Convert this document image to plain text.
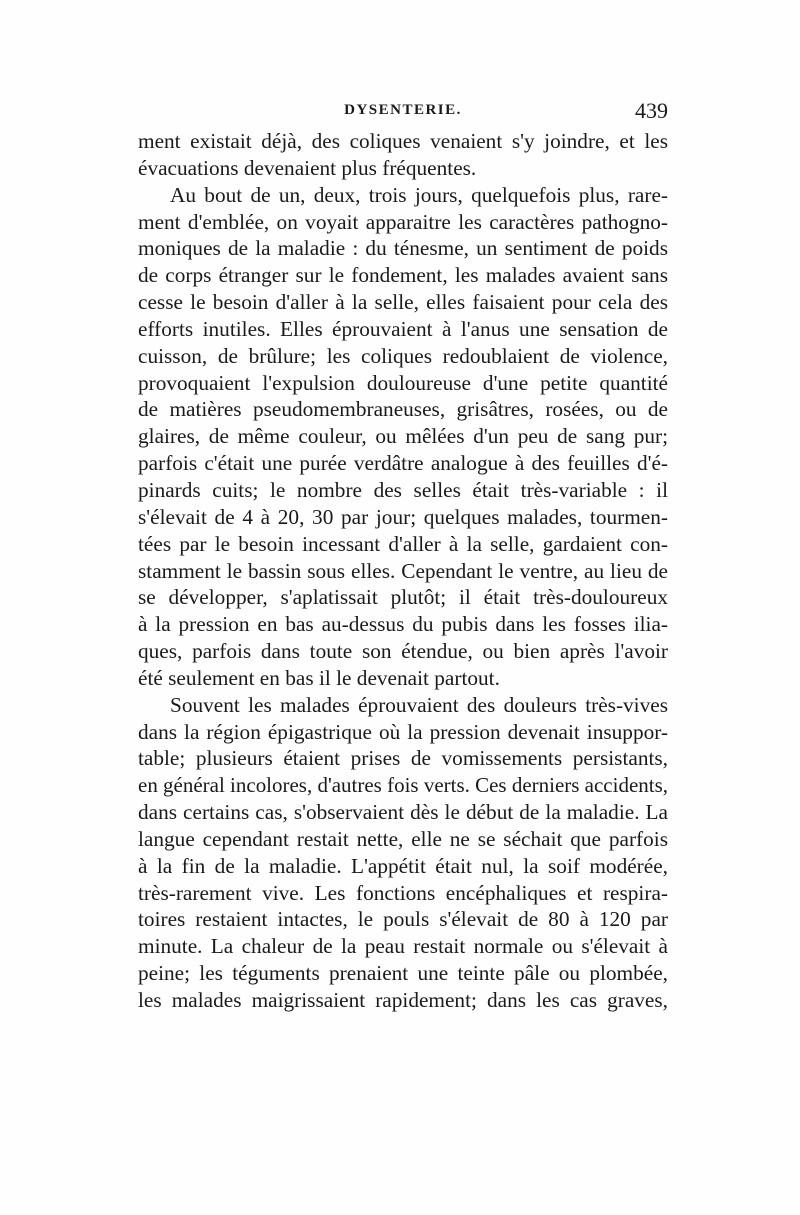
DYSENTERIE.	439
ment existait déjà, des coliques venaient s'y joindre, et les
évacuations devenaient plus fréquentes.
Au bout de un, deux, trois jours, quelquefois plus, rare-
ment d'emblée, on voyait apparaitre les caractères pathogno-
moniques de la maladie : du ténesme, un sentiment de poids
de corps étranger sur le fondement, les malades avaient sans
cesse le besoin d'aller à la selle, elles faisaient pour cela des
efforts inutiles. Elles éprouvaient à l'anus une sensation de
cuisson, de brûlure; les coliques redoublaient de violence,
provoquaient l'expulsion douloureuse d'une petite quantité
de matières pseudomembraneuses, grisâtres, rosées, ou de
glaires, de même couleur, ou mêlées d'un peu de sang pur;
parfois c'était une purée verdâtre analogue à des feuilles d'é-
pinards cuits; le nombre des selles était très-variable : il
s'élevait de 4 à 20, 30 par jour; quelques malades, tourmen-
tées par le besoin incessant d'aller à la selle, gardaient con-
stamment le bassin sous elles. Cependant le ventre, au lieu de
se développer, s'aplatissait plutôt; il était très-douloureux
à la pression en bas au-dessus du pubis dans les fosses ilia-
ques, parfois dans toute son étendue, ou bien après l'avoir
été seulement en bas il le devenait partout.
Souvent les malades éprouvaient des douleurs très-vives
dans la région épigastrique où la pression devenait insuppor-
table; plusieurs étaient prises de vomissements persistants,
en général incolores, d'autres fois verts. Ces derniers accidents,
dans certains cas, s'observaient dès le début de la maladie. La
langue cependant restait nette, elle ne se séchait que parfois
à la fin de la maladie. L'appétit était nul, la soif modérée,
très-rarement vive. Les fonctions encéphaliques et respira-
toires restaient intactes, le pouls s'élevait de 80 à 120 par
minute. La chaleur de la peau restait normale ou s'élevait à
peine; les téguments prenaient une teinte pâle ou plombée,
les malades maigrissaient rapidement; dans les cas graves,
